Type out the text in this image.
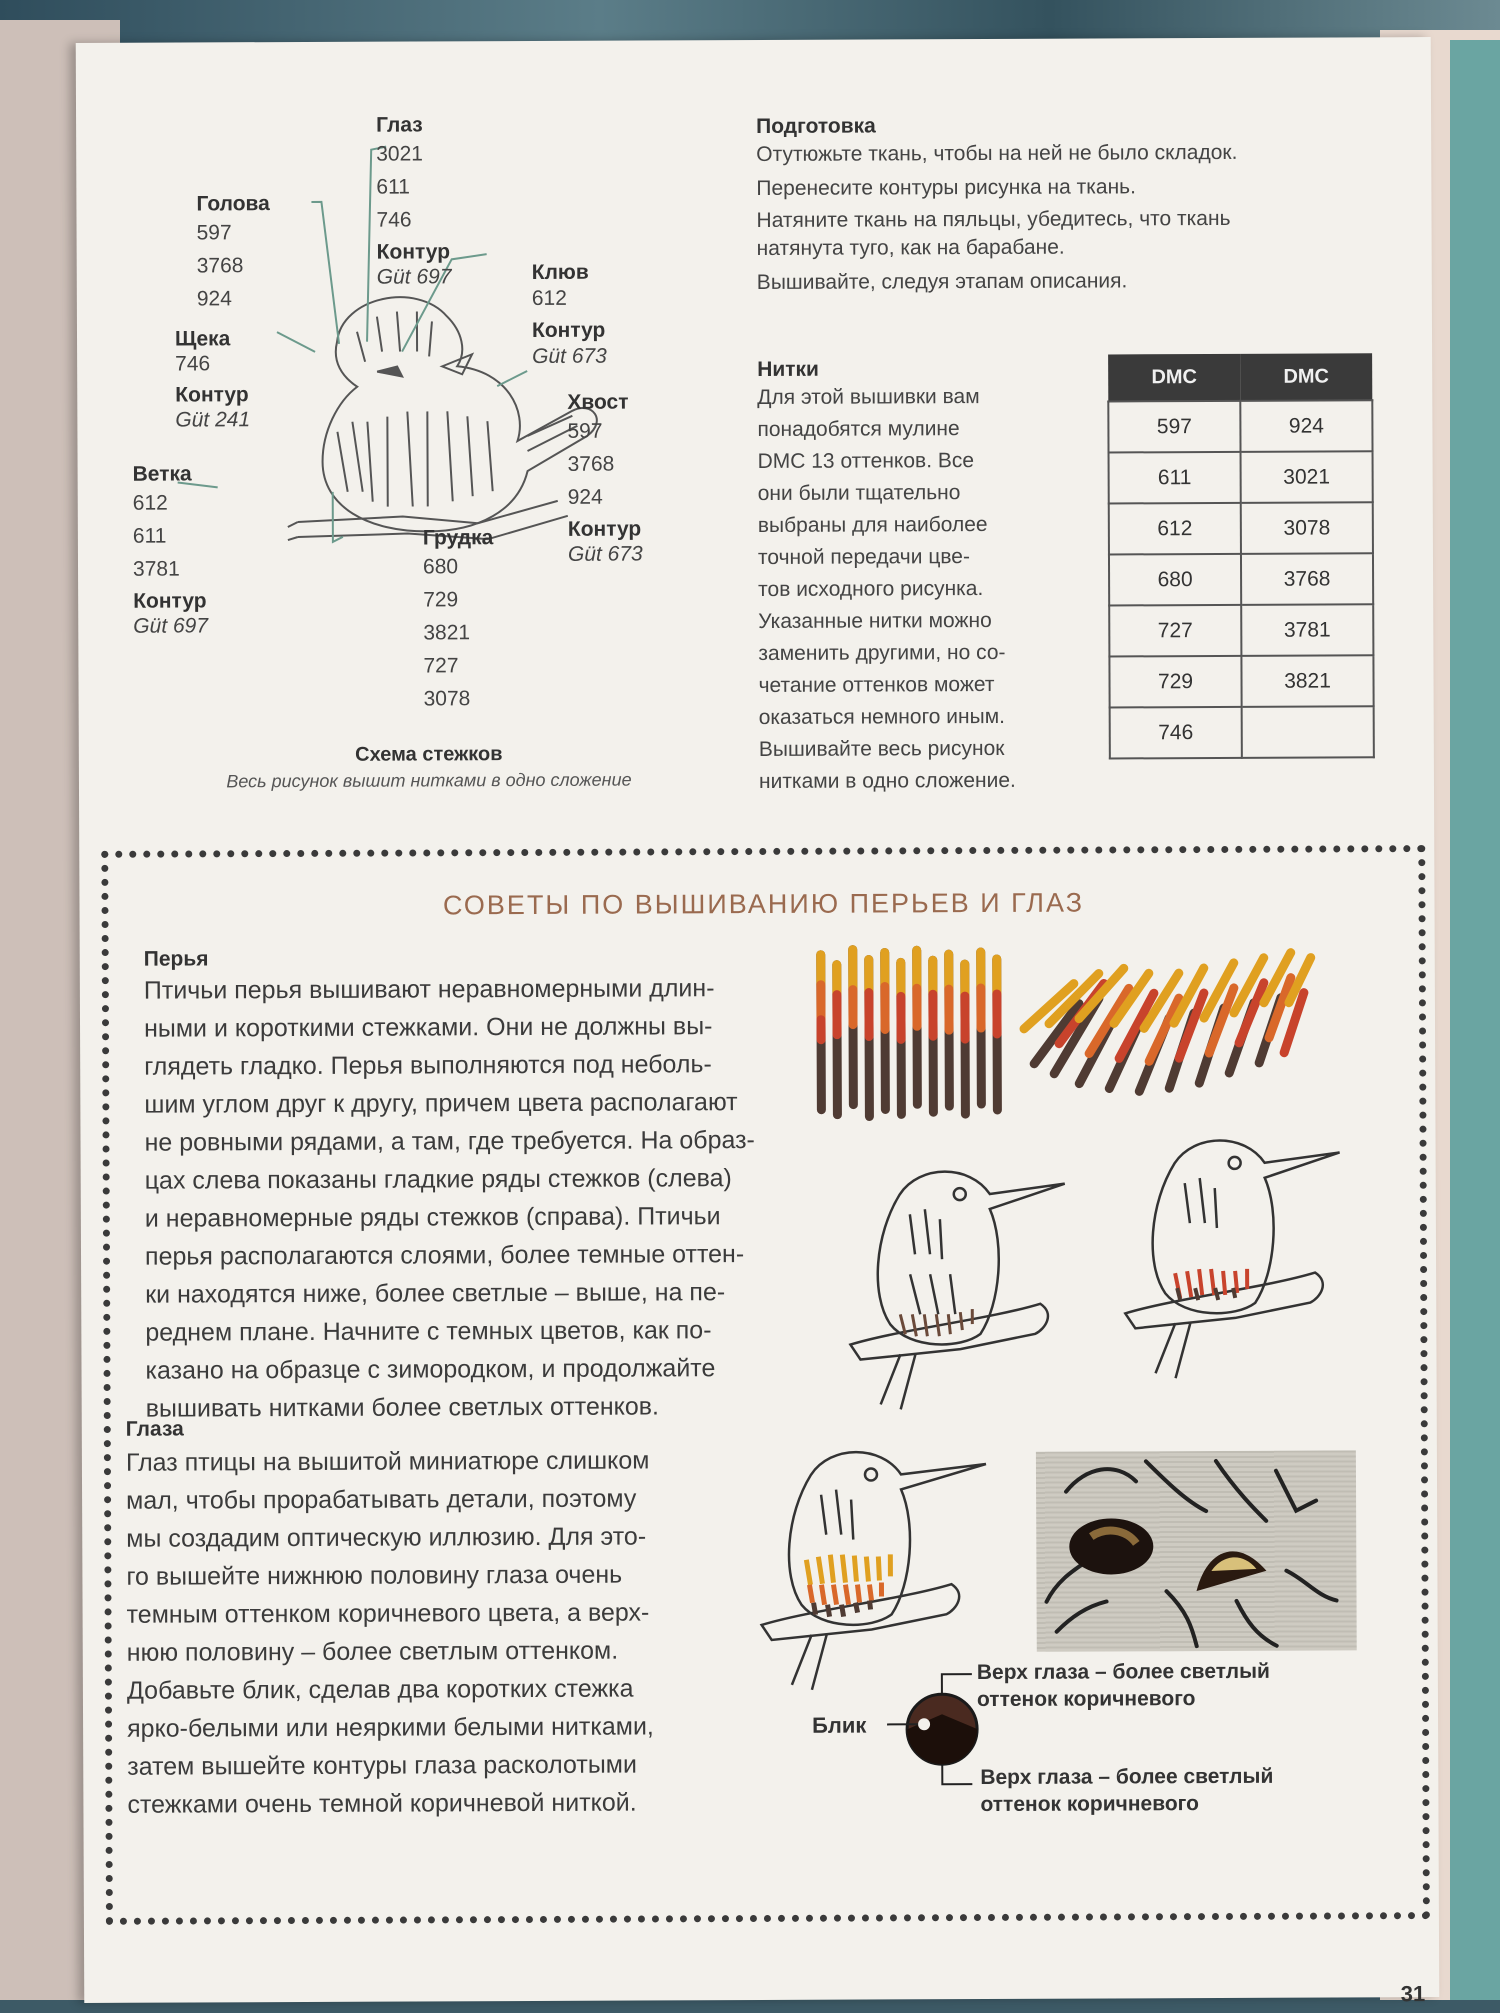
Глаз
3021
611
746
Контур
Güt 697
Голова
597
3768
924
Клюв
612
Контур
Güt 673
Щека
746
Контур
Güt 241
Хвост
597
3768
924
Контур
Güt 673
Ветка
612
611
3781
Контур
Güt 697
Грудка
680
729
3821
727
3078
Схема стежков
Весь рисунок вышит нитками в одно сложение
Подготовка
Отутюжьте ткань, чтобы на ней не было складок.
Перенесите контуры рисунка на ткань.
Натяните ткань на пяльцы, убедитесь, что ткань
натянута туго, как на барабане.
Вышивайте, следуя этапам описания.
Нитки
Для этой вышивки вам
понадобятся мулине
DMC 13 оттенков. Все
они были тщательно
выбраны для наиболее
точной передачи цве-
тов исходного рисунка.
Указанные нитки можно
заменить другими, но со-
четание оттенков может
оказаться немного иным.
Вышивайте весь рисунок
нитками в одно сложение.
DMC	DMC
597	924
611	3021
612	3078
680	3768
727	3781
729	3821
746	
СОВЕТЫ ПО ВЫШИВАНИЮ ПЕРЬЕВ И ГЛАЗ
Перья
Птичьи перья вышивают неравномерными длин-
ными и короткими стежками. Они не должны вы-
глядеть гладко. Перья выполняются под неболь-
шим углом друг к другу, причем цвета располагают
не ровными рядами, а там, где требуется. На образ-
цах слева показаны гладкие ряды стежков (слева)
и неравномерные ряды стежков (справа). Птичьи
перья располагаются слоями, более темные оттен-
ки находятся ниже, более светлые – выше, на пе-
реднем плане. Начните с темных цветов, как по-
казано на образце с зимородком, и продолжайте
вышивать нитками более светлых оттенков.
Глаза
Глаз птицы на вышитой миниатюре слишком
мал, чтобы прорабатывать детали, поэтому
мы создадим оптическую иллюзию. Для это-
го вышейте нижнюю половину глаза очень
темным оттенком коричневого цвета, а верх-
нюю половину – более светлым оттенком.
Добавьте блик, сделав два коротких стежка
ярко-белыми или неяркими белыми нитками,
затем вышейте контуры глаза расколотыми
стежками очень темной коричневой ниткой.
Блик
Верх глаза – более светлый
оттенок коричневого
Верх глаза – более светлый
оттенок коричневого
31
